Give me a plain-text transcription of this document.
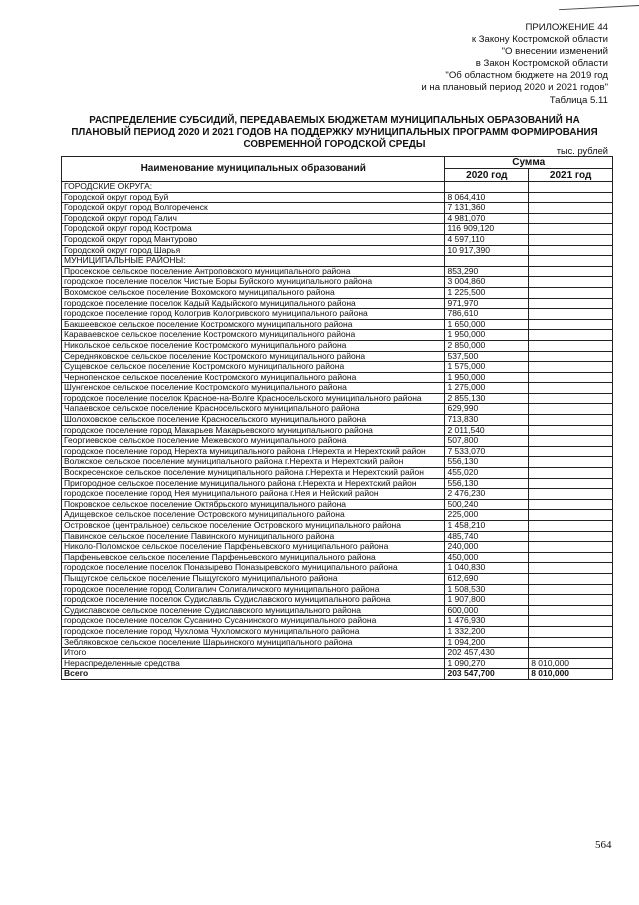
ПРИЛОЖЕНИЕ 44
к Закону Костромской области
"О внесении изменений
в Закон Костромской области
"Об областном бюджете на 2019 год
и на плановый период 2020 и 2021 годов"
Таблица 5.11
РАСПРЕДЕЛЕНИЕ СУБСИДИЙ, ПЕРЕДАВАЕМЫХ БЮДЖЕТАМ МУНИЦИПАЛЬНЫХ ОБРАЗОВАНИЙ НА
ПЛАНОВЫЙ ПЕРИОД 2020 И 2021 ГОДОВ НА ПОДДЕРЖКУ МУНИЦИПАЛЬНЫХ ПРОГРАММ ФОРМИРОВАНИЯ
СОВРЕМЕННОЙ ГОРОДСКОЙ СРЕДЫ
тыс. рублей
Наименование муниципальных образований	Сумма	
	2020 год	2021 год
ГОРОДСКИЕ ОКРУГА:		
Городской округ город Буй	8 064,410	
Городской округ город Волгореченск	7 131,360	
Городской округ город Галич	4 981,070	
Городской округ город Кострома	116 909,120	
Городской округ город Мантурово	4 597,110	
Городской округ город Шарья	10 917,390	
МУНИЦИПАЛЬНЫЕ РАЙОНЫ:		
Просекское сельское поселение Антроповского муниципального района	853,290	
городское поселение поселок Чистые Боры Буйского муниципального района	3 004,860	
Вохомское сельское поселение Вохомского муниципального района	1 225,500	
городское поселение поселок Кадый Кадыйского муниципального района	971,970	
городское поселение город Кологрив Кологривского муниципального района	786,610	
Бакшеевское сельское поселение Костромского муниципального района	1 650,000	
Караваевское сельское поселение Костромского муниципального района	1 950,000	
Никольское сельское поселение Костромского муниципального района	2 850,000	
Середняковское сельское поселение Костромского муниципального района	537,500	
Сущевское сельское поселение Костромского муниципального района	1 575,000	
Чернопенское сельское поселение Костромского муниципального района	1 950,000	
Шунгенское сельское поселение Костромского муниципального района	1 275,000	
городское поселение поселок Красное-на-Волге Красносельского муниципального района	2 855,130	
Чапаевское сельское поселение Красносельского муниципального района	629,990	
Шолоховское сельское поселение Красносельского муниципального района	713,830	
городское поселение город Макарьев Макарьевского муниципального района	2 011,540	
Георгиевское сельское поселение Межевского муниципального района	507,800	
городское поселение город Нерехта муниципального района г.Нерехта и Нерехтский район	7 533,070	
Волжское сельское поселение муниципального района г.Нерехта и Нерехтский район	556,130	
Воскресенское сельское поселение муниципального района г.Нерехта и Нерехтский район	455,020	
Пригородное сельское поселение муниципального района г.Нерехта и Нерехтский район	556,130	
городское поселение город Нея муниципального района г.Нея и Нейский район	2 476,230	
Покровское сельское поселение Октябрьского муниципального района	500,240	
Адищевское сельское поселение Островского муниципального района	225,000	
Островское (центральное) сельское поселение Островского муниципального района	1 458,210	
Павинское сельское поселение Павинского муниципального района	485,740	
Николо-Поломское сельское поселение Парфеньевского муниципального района	240,000	
Парфеньевское сельское поселение Парфеньевского муниципального района	450,000	
городское поселение поселок Поназырево Поназыревского муниципального района	1 040,830	
Пыщугское сельское поселение Пыщугского муниципального района	612,690	
городское поселение город Солигалич Солигаличского муниципального района	1 508,530	
городское поселение поселок Судиславль Судиславского муниципального района	1 907,800	
Судиславское сельское поселение Судиславского муниципального района	600,000	
городское поселение поселок Сусанино Сусанинского муниципального района	1 476,930	
городское поселение город Чухлома Чухломского муниципального района	1 332,200	
Зебляковское сельское поселение Шарьинского муниципального района	1 094,200	
Итого	202 457,430	
Нераспределенные средства	1 090,270	8 010,000
Всего	203 547,700	8 010,000
564
